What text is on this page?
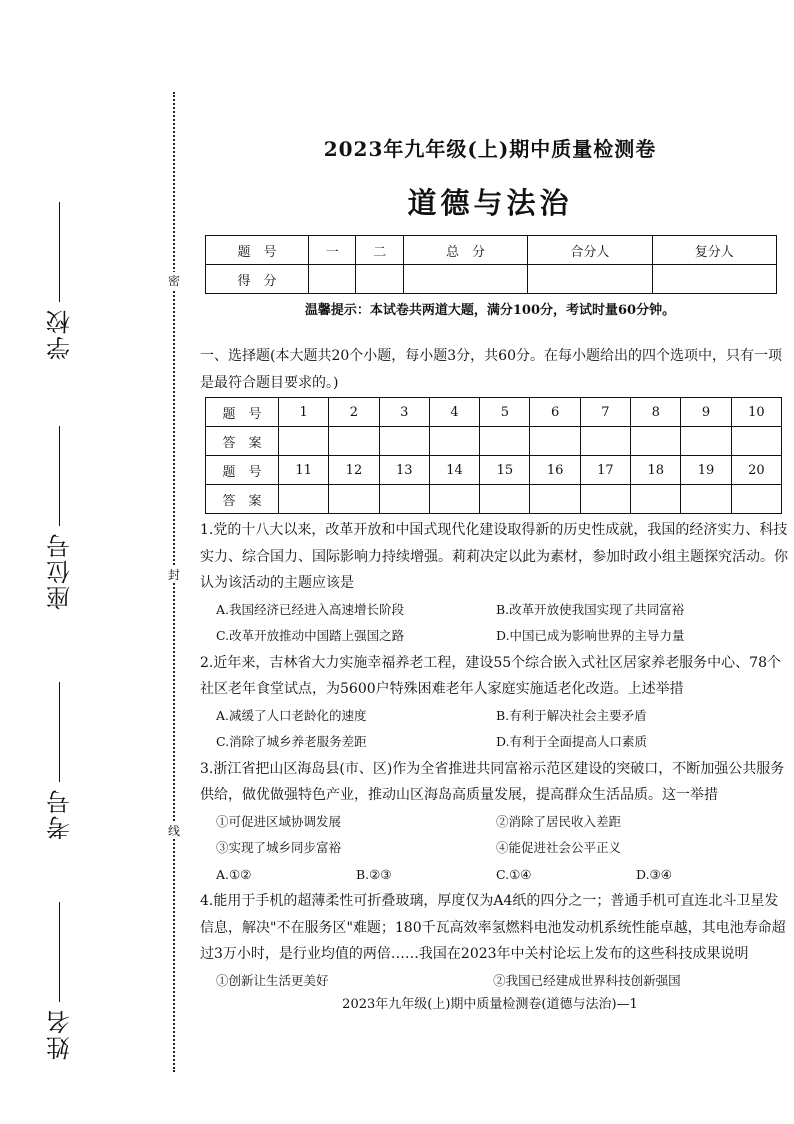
密
封
线
学校
座位号
考号
姓名
2023年九年级(上)期中质量检测卷
道德与法治
题　号	一	二	总　分	合分人	复分人
得　分					
温馨提示：本试卷共两道大题，满分100分，考试时量60分钟。
一、选择题(本大题共20个小题，每小题3分，共60分。在每小题给出的四个选项中，只有一项是最符合题目要求的。)
题　号	1	2	3	4	5	6	7	8	9	10
答　案										
题　号	11	12	13	14	15	16	17	18	19	20
答　案										

1.党的十八大以来，改革开放和中国式现代化建设取得新的历史性成就，我国的经济实力、科技实力、综合国力、国际影响力持续增强。莉莉决定以此为素材，参加时政小组主题探究活动。你认为该活动的主题应该是

A.我国经济已经进入高速增长阶段	B.改革开放使我国实现了共同富裕
C.改革开放推动中国踏上强国之路	D.中国已成为影响世界的主导力量

2.近年来，吉林省大力实施幸福养老工程，建设55个综合嵌入式社区居家养老服务中心、78个社区老年食堂试点，为5600户特殊困难老年人家庭实施适老化改造。上述举措

A.减缓了人口老龄化的速度	B.有利于解决社会主要矛盾
C.消除了城乡养老服务差距	D.有利于全面提高人口素质

3.浙江省把山区海岛县(市、区)作为全省推进共同富裕示范区建设的突破口，不断加强公共服务供给，做优做强特色产业，推动山区海岛高质量发展，提高群众生活品质。这一举措

①可促进区域协调发展	②消除了居民收入差距
③实现了城乡同步富裕	④能促进社会公平正义
A.①②	B.②③	C.①④	D.③④

4.能用于手机的超薄柔性可折叠玻璃，厚度仅为A4纸的四分之一；普通手机可直连北斗卫星发信息，解决"不在服务区"难题；180千瓦高效率氢燃料电池发动机系统性能卓越，其电池寿命超过3万小时，是行业均值的两倍……我国在2023年中关村论坛上发布的这些科技成果说明

①创新让生活更美好	②我国已经建成世界科技创新强国
2023年九年级(上)期中质量检测卷(道德与法治)—1
